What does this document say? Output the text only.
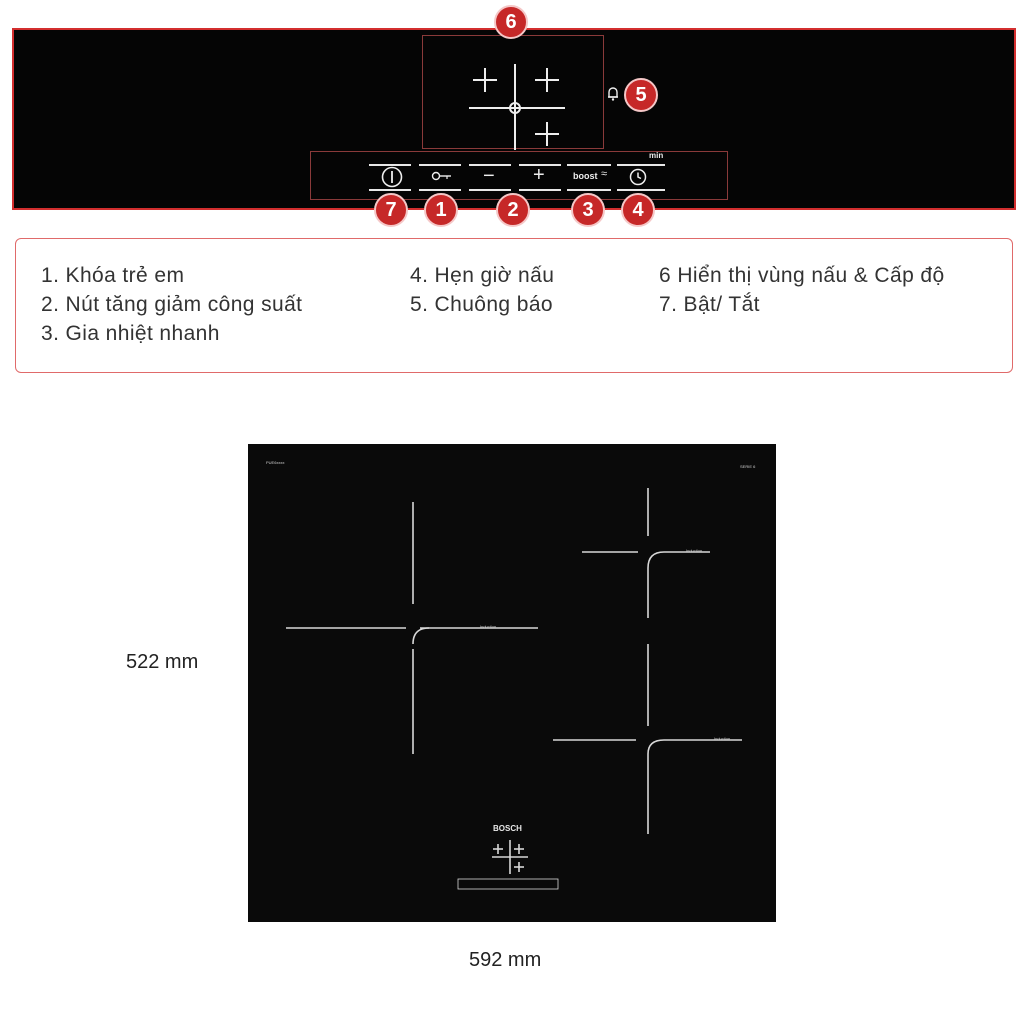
min
− +	boost ≈
6
5
7	1	2	3	4
1. Khóa trẻ em
2. Nút tăng giảm công suất
3. Gia nhiệt nhanh
4. Hẹn giờ nấu
5. Chuông báo
6 Hiển thị vùng nấu & Cấp độ
7. Bật/ Tắt
PUE6xxxx
SERIE 6
Induction
Induction
Induction
BOSCH
522 mm
592 mm
